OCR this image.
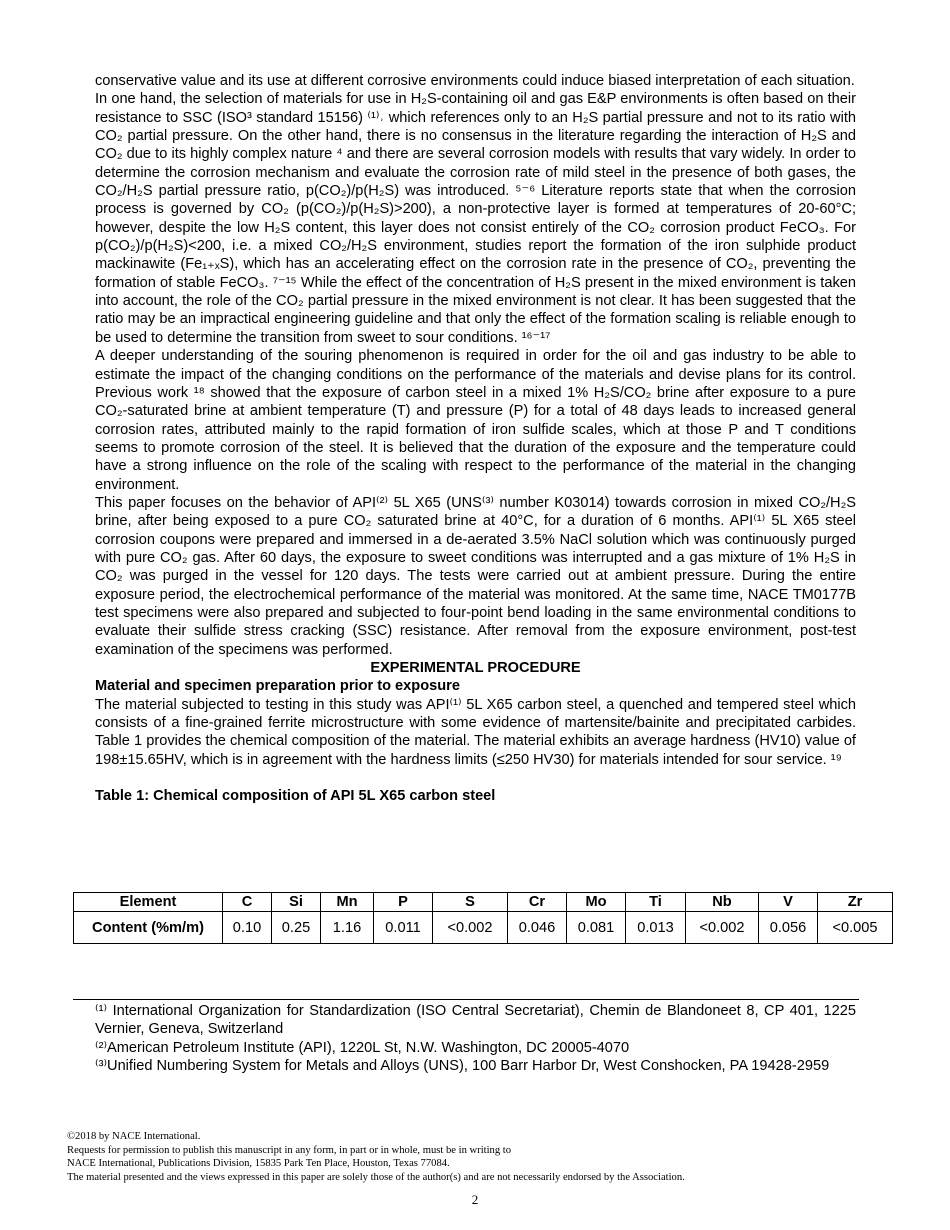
conservative value and its use at different corrosive environments could induce biased interpretation of each situation.

In one hand, the selection of materials for use in H₂S-containing oil and gas E&P environments is often based on their resistance to SSC (ISO³ standard 15156) ⁽¹⁾˒ which references only to an H₂S partial pressure and not to its ratio with CO₂ partial pressure. On the other hand, there is no consensus in the literature regarding the interaction of H₂S and CO₂ due to its highly complex nature ⁴ and there are several corrosion models with results that vary widely. In order to determine the corrosion mechanism and evaluate the corrosion rate of mild steel in the presence of both gases, the CO₂/H₂S partial pressure ratio, p(CO₂)/p(H₂S) was introduced. ⁵⁻⁶ Literature reports state that when the corrosion process is governed by CO₂ (p(CO₂)/p(H₂S)>200), a non-protective layer is formed at temperatures of 20-60°C; however, despite the low H₂S content, this layer does not consist entirely of the CO₂ corrosion product FeCO₃. For p(CO₂)/p(H₂S)<200, i.e. a mixed CO₂/H₂S environment, studies report the formation of the iron sulphide product mackinawite (Fe₁₊ₓS), which has an accelerating effect on the corrosion rate in the presence of CO₂, preventing the formation of stable FeCO₃. ⁷⁻¹⁵ While the effect of the concentration of H₂S present in the mixed environment is taken into account, the role of the CO₂ partial pressure in the mixed environment is not clear. It has been suggested that the ratio may be an impractical engineering guideline and that only the effect of the formation scaling is reliable enough to be used to determine the transition from sweet to sour conditions. ¹⁶⁻¹⁷

A deeper understanding of the souring phenomenon is required in order for the oil and gas industry to be able to estimate the impact of the changing conditions on the performance of the materials and devise plans for its control. Previous work ¹⁸ showed that the exposure of carbon steel in a mixed 1% H₂S/CO₂ brine after exposure to a pure CO₂-saturated brine at ambient temperature (T) and pressure (P) for a total of 48 days leads to increased general corrosion rates, attributed mainly to the rapid formation of iron sulfide scales, which at those P and T conditions seems to promote corrosion of the steel. It is believed that the duration of the exposure and the temperature could have a strong influence on the role of the scaling with respect to the performance of the material in the changing environment.

This paper focuses on the behavior of API⁽²⁾ 5L X65 (UNS⁽³⁾ number K03014) towards corrosion in mixed CO₂/H₂S brine, after being exposed to a pure CO₂ saturated brine at 40°C, for a duration of 6 months. API⁽¹⁾ 5L X65 steel corrosion coupons were prepared and immersed in a de-aerated 3.5% NaCl solution which was continuously purged with pure CO₂ gas. After 60 days, the exposure to sweet conditions was interrupted and a gas mixture of 1% H₂S in CO₂ was purged in the vessel for 120 days. The tests were carried out at ambient pressure. During the entire exposure period, the electrochemical performance of the material was monitored. At the same time, NACE TM0177B test specimens were also prepared and subjected to four-point bend loading in the same environmental conditions to evaluate their sulfide stress cracking (SSC) resistance. After removal from the exposure environment, post-test examination of the specimens was performed.

EXPERIMENTAL PROCEDURE
Material and specimen preparation prior to exposure

The material subjected to testing in this study was API⁽¹⁾ 5L X65 carbon steel, a quenched and tempered steel which consists of a fine-grained ferrite microstructure with some evidence of martensite/bainite and precipitated carbides. Table 1 provides the chemical composition of the material. The material exhibits an average hardness (HV10) value of 198±15.65HV, which is in agreement with the hardness limits (≤250 HV30) for materials intended for sour service. ¹⁹

Table 1: Chemical composition of API 5L X65 carbon steel
Element	C	Si	Mn	P	S	Cr	Mo	Ti	Nb	V	Zr
Content (%m/m)	0.10	0.25	1.16	0.011	<0.002	0.046	0.081	0.013	<0.002	0.056	<0.005

⁽¹⁾ International Organization for Standardization (ISO Central Secretariat), Chemin de Blandoneet 8, CP 401, 1225 Vernier, Geneva, Switzerland

⁽²⁾American Petroleum Institute (API), 1220L St, N.W. Washington, DC 20005-4070

⁽³⁾Unified Numbering System for Metals and Alloys (UNS), 100 Barr Harbor Dr, West Conshocken, PA 19428-2959

©2018 by NACE International.
Requests for permission to publish this manuscript in any form, in part or in whole, must be in writing to
NACE International, Publications Division, 15835 Park Ten Place, Houston, Texas 77084.
The material presented and the views expressed in this paper are solely those of the author(s) and are not necessarily endorsed by the Association.
2
